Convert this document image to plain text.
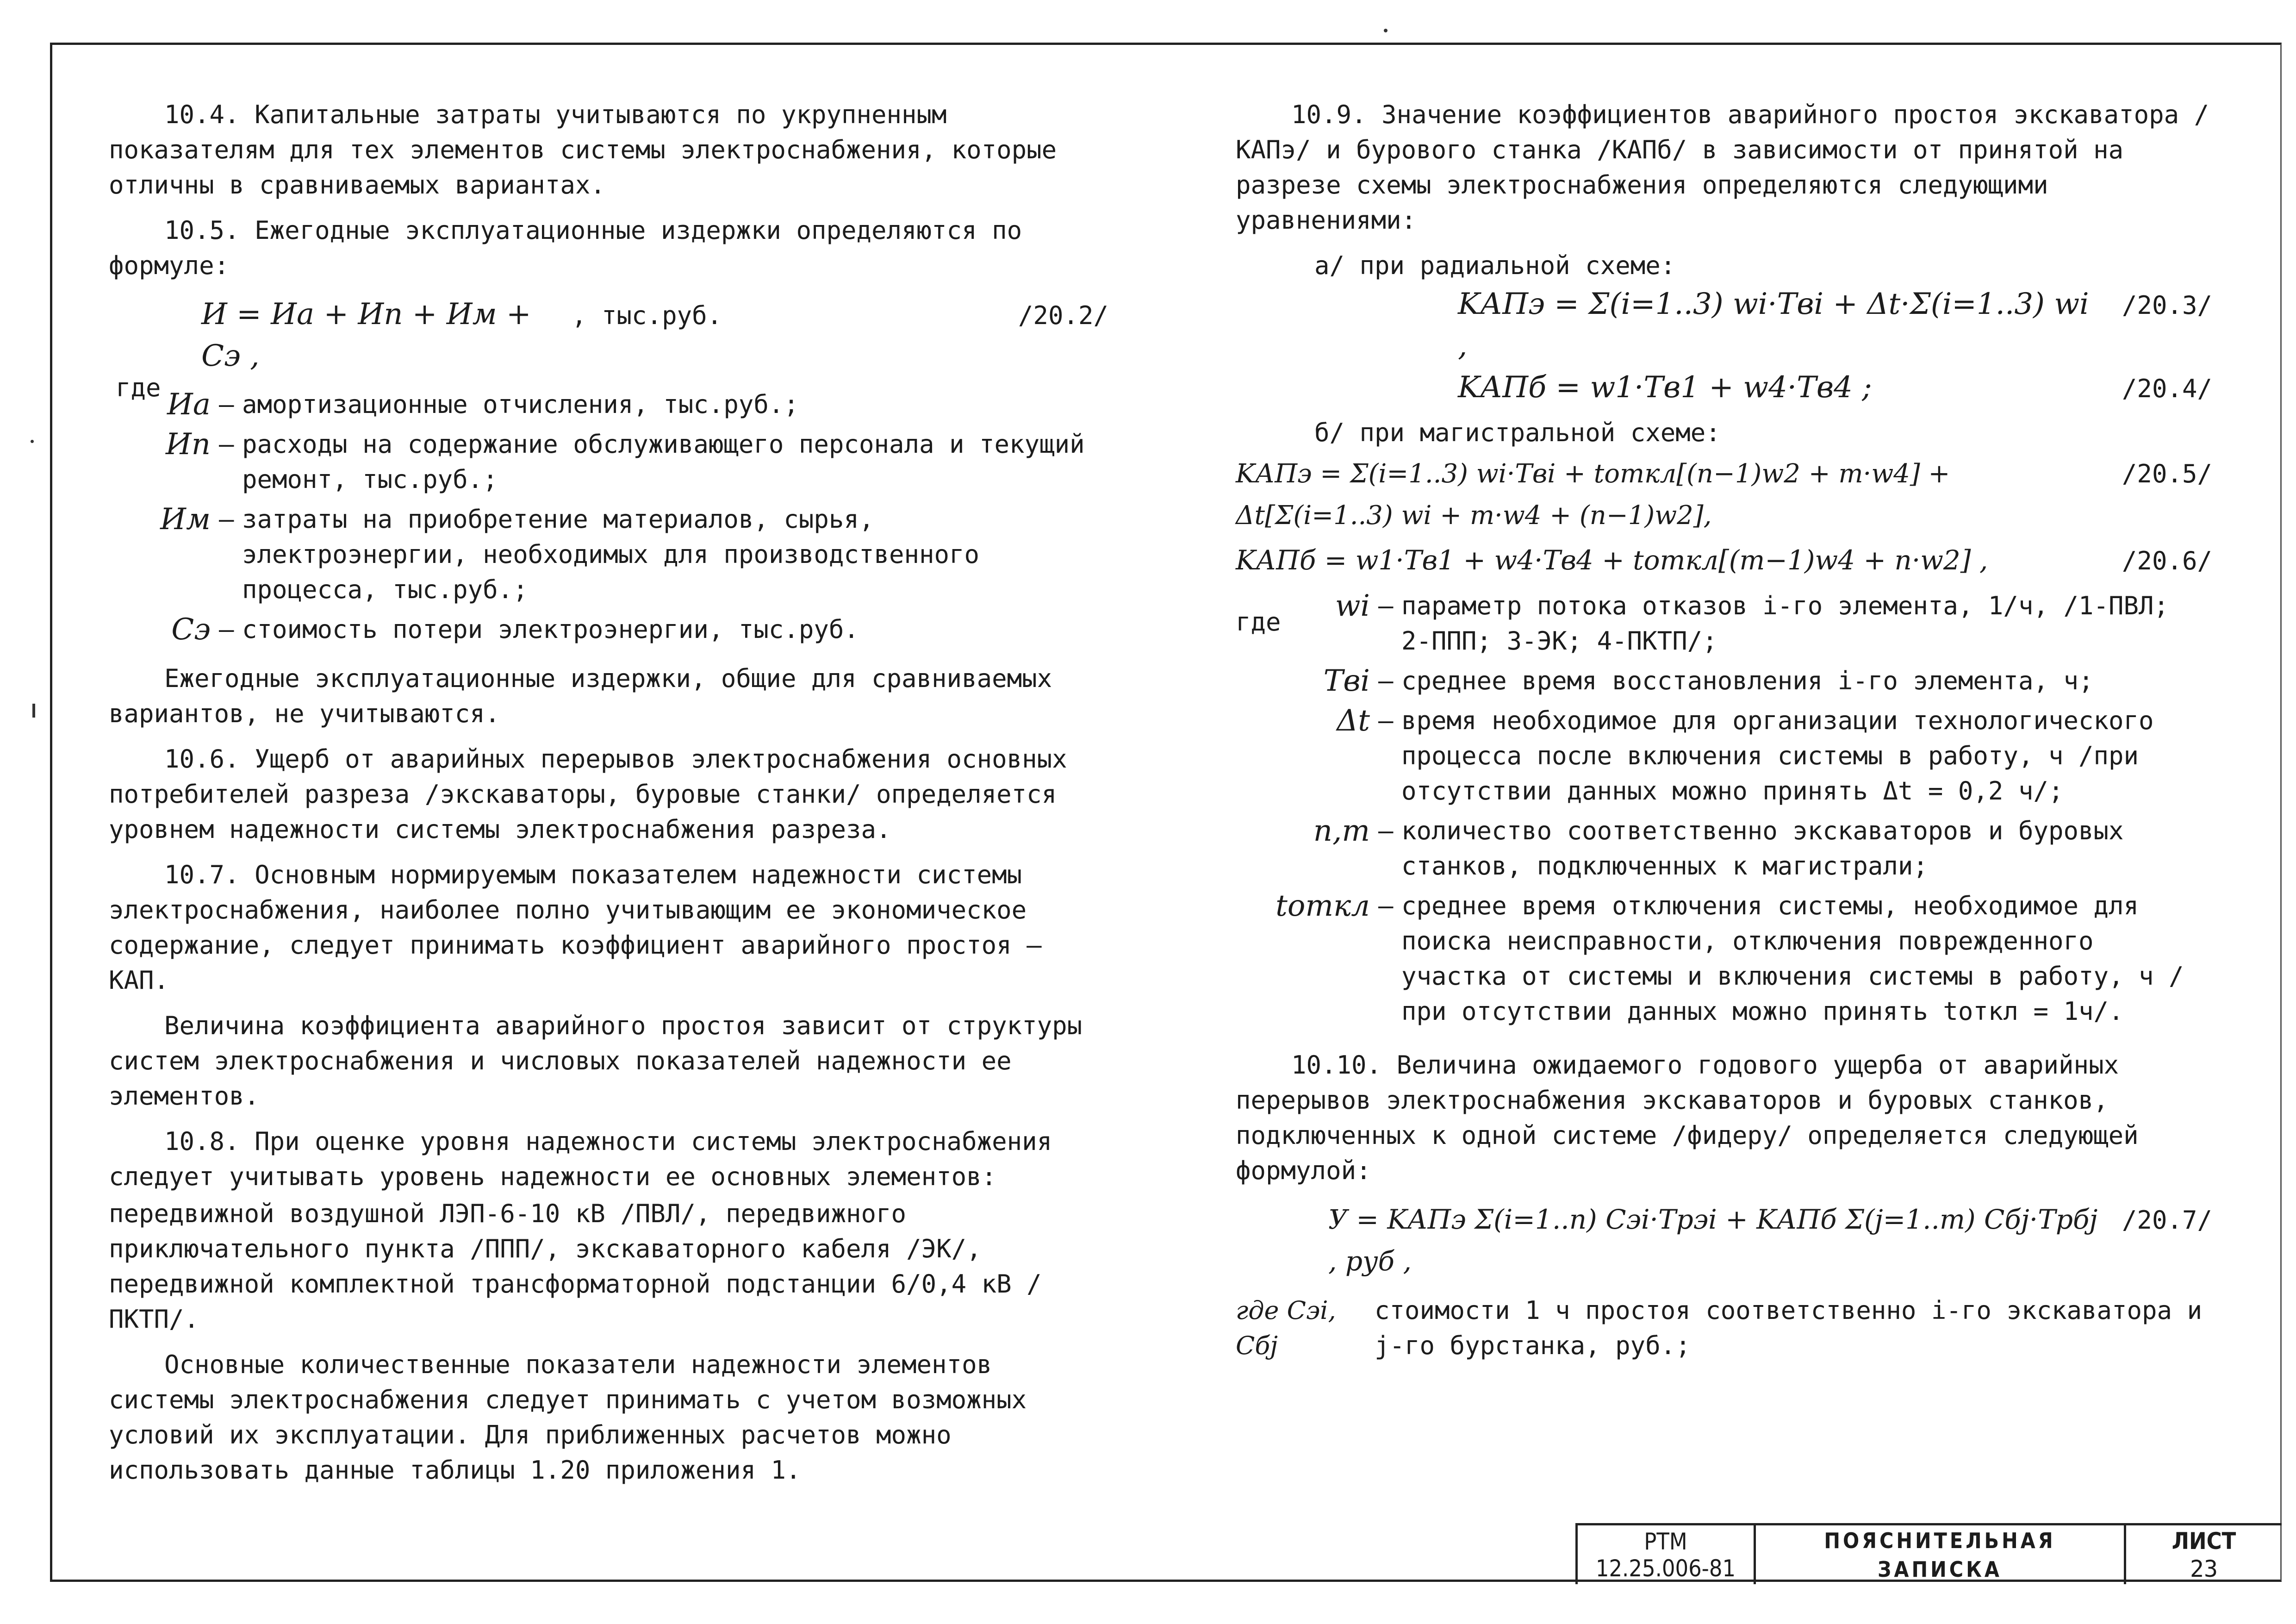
10.4. Капитальные затраты учитываются по укрупненным показателям для тех элементов системы электроснабжения, которые отличны в сравниваемых вариантах.

10.5. Ежегодные эксплуатационные издержки определяются по формуле:

И = Иа + Ип + Им + Сэ ,
, тыс.руб.	/20.2/
Иа – амортизационные отчисления, тыс.руб.;
Ип – расходы на содержание обслуживающего персонала и текущий ремонт, тыс.руб.;
Им – затраты на приобретение материалов, сырья, электроэнергии, необходимых для производственного процесса, тыс.руб.;
Сэ – стоимость потери электроэнергии, тыс.руб.

Ежегодные эксплуатационные издержки, общие для сравниваемых вариантов, не учитываются.

10.6. Ущерб от аварийных перерывов электроснабжения основных потребителей разреза /экскаваторы, буровые станки/ определяется уровнем надежности системы электроснабжения разреза.

10.7. Основным нормируемым показателем надежности системы электроснабжения, наиболее полно учитывающим ее экономическое содержание, следует принимать коэффициент аварийного простоя – КАП.

Величина коэффициента аварийного простоя зависит от структуры систем электроснабжения и числовых показателей надежности ее элементов.

10.8. При оценке уровня надежности системы электроснабжения следует учитывать уровень надежности ее основных элементов:

передвижной воздушной ЛЭП-6-10 кВ /ПВЛ/, передвижного приключательного пункта /ППП/, экскаваторного кабеля /ЭК/, передвижной комплектной трансформаторной подстанции 6/0,4 кВ /ПКТП/.

Основные количественные показатели надежности элементов системы электроснабжения следует принимать с учетом возможных условий их эксплуатации. Для приближенных расчетов можно использовать данные таблицы 1.20 приложения 1.

где

10.9. Значение коэффициентов аварийного простоя экскаватора /КАПэ/ и бурового станка /КАПб/ в зависимости от принятой на разрезе схемы электроснабжения определяются следующими уравнениями:

а/ при радиальной схеме:

KАПэ = Σ(i=1..3) wi·Tвi + Δt·Σ(i=1..3) wi ,
/20.3/
KАПб = w1·Tв1 + w4·Tв4 ;	/20.4/

б/ при магистральной схеме:

KАПэ = Σ(i=1..3) wi·Tвi + tоткл[(n−1)w2 + m·w4] + Δt[Σ(i=1..3) wi + m·w4 + (n−1)w2],
/20.5/
KАПб = w1·Tв1 + w4·Tв4 + tоткл[(m−1)w4 + n·w2] ,	/20.6/
wi – параметр потока отказов i-го элемента, 1/ч, /1-ПВЛ; 2-ППП; 3-ЭК; 4-ПКТП/;
Tвi – среднее время восстановления i-го элемента, ч;
Δt – время необходимое для организации технологического процесса после включения системы в работу, ч /при отсутствии данных можно принять Δt = 0,2 ч/;
n,m – количество соответственно экскаваторов и буровых станков, подключенных к магистрали;
tоткл – среднее время отключения системы, необходимое для поиска неисправности, отключения поврежденного участка от системы и включения системы в работу, ч /при отсутствии данных можно принять tоткл = 1ч/.

10.10. Величина ожидаемого годового ущерба от аварийных перерывов электроснабжения экскаваторов и буровых станков, подключенных к одной системе /фидеру/ определяется следующей формулой:

У = KАПэ Σ(i=1..n) Сэi·Tрэi + KАПб Σ(j=1..m) Сбj·Tрбj , руб ,
/20.7/
где Сэi, Сбj
стоимости 1 ч простоя соответственно i-го экскаватора и j-го бурстанка, руб.;
где
РТМ
12.25.006-81
ПОЯСНИТЕЛЬНАЯ
ЗАПИСКА
ЛИСТ
23
